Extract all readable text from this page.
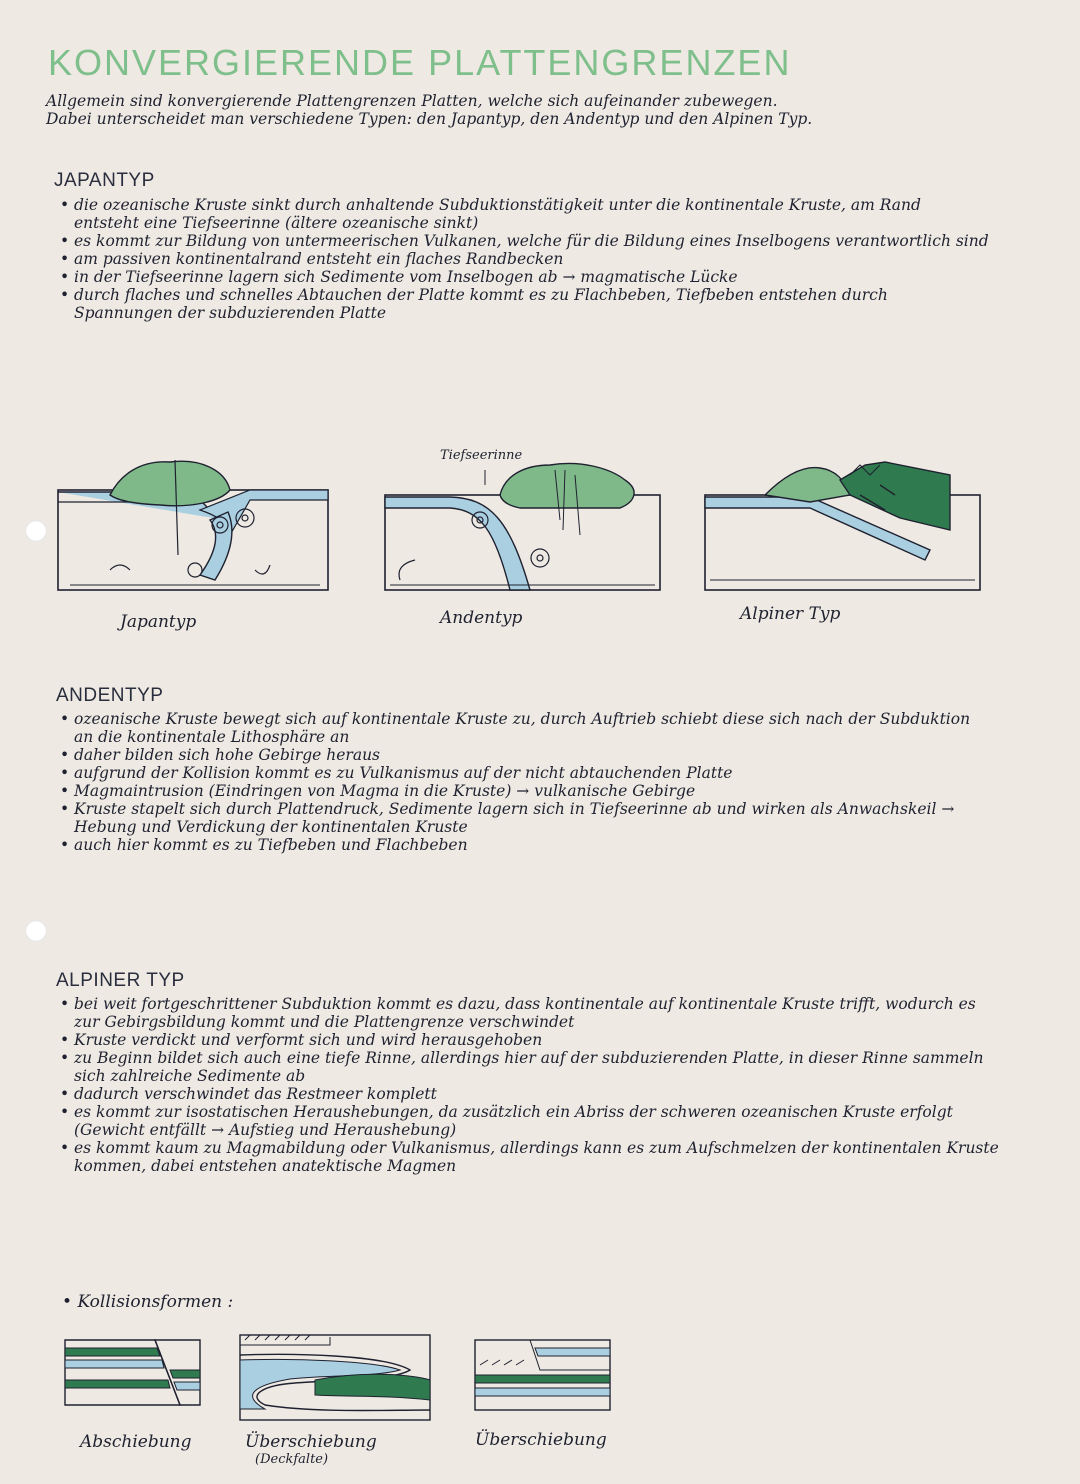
KONVERGIERENDE PLATTENGRENZEN
Allgemein sind konvergierende Plattengrenzen Platten, welche sich aufeinander zubewegen.
Dabei unterscheidet man verschiedene Typen: den Japantyp, den Andentyp und den Alpinen Typ.
JAPANTYP
• die ozeanische Kruste sinkt durch anhaltende Subduktionstätigkeit unter die kontinentale Kruste, am Rand entsteht eine Tiefseerinne (ältere ozeanische sinkt)
• es kommt zur Bildung von untermeerischen Vulkanen, welche für die Bildung eines Inselbogens verantwortlich sind
• am passiven kontinentalrand entsteht ein flaches Randbecken
• in der Tiefseerinne lagern sich Sedimente vom Inselbogen ab → magmatische Lücke
• durch flaches und schnelles Abtauchen der Platte kommt es zu Flachbeben, Tiefbeben entstehen durch Spannungen der subduzierenden Platte
Tiefseerinne
Japantyp	Andentyp	Alpiner Typ
ANDENTYP
• ozeanische Kruste bewegt sich auf kontinentale Kruste zu, durch Auftrieb schiebt diese sich nach der Subduktion an die kontinentale Lithosphäre an
• daher bilden sich hohe Gebirge heraus
• aufgrund der Kollision kommt es zu Vulkanismus auf der nicht abtauchenden Platte
• Magmaintrusion (Eindringen von Magma in die Kruste) → vulkanische Gebirge
• Kruste stapelt sich durch Plattendruck, Sedimente lagern sich in Tiefseerinne ab und wirken als Anwachskeil → Hebung und Verdickung der kontinentalen Kruste
• auch hier kommt es zu Tiefbeben und Flachbeben
ALPINER TYP
• bei weit fortgeschrittener Subduktion kommt es dazu, dass kontinentale auf kontinentale Kruste trifft, wodurch es zur Gebirgsbildung kommt und die Plattengrenze verschwindet
• Kruste verdickt und verformt sich und wird herausgehoben
• zu Beginn bildet sich auch eine tiefe Rinne, allerdings hier auf der subduzierenden Platte, in dieser Rinne sammeln sich zahlreiche Sedimente ab
• dadurch verschwindet das Restmeer komplett
• es kommt zur isostatischen Heraushebungen, da zusätzlich ein Abriss der schweren ozeanischen Kruste erfolgt (Gewicht entfällt → Aufstieg und Heraushebung)
• es kommt kaum zu Magmabildung oder Vulkanismus, allerdings kann es zum Aufschmelzen der kontinentalen Kruste kommen, dabei entstehen anatektische Magmen
• Kollisionsformen :
Abschiebung	Überschiebung
(Deckfalte)
Überschiebung
